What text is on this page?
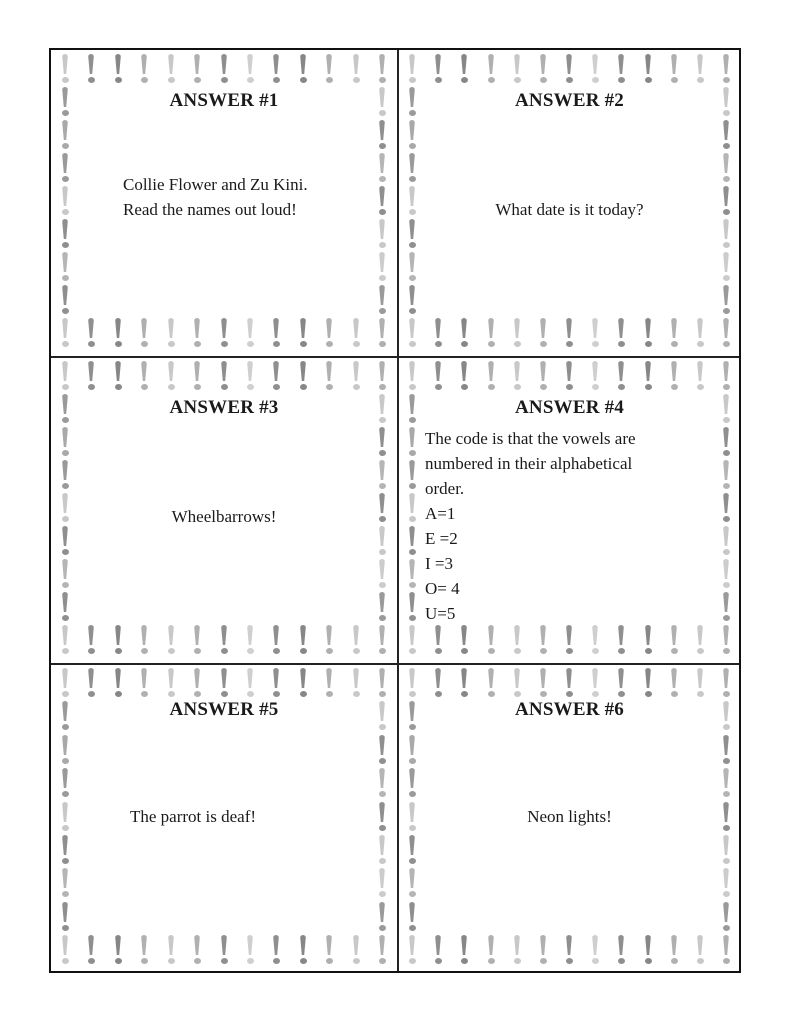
ANSWER #1
Collie Flower and Zu Kini.
Read the names out loud!
ANSWER #2
What date is it today?
ANSWER #3
Wheelbarrows!
ANSWER #4
The code is that the vowels are
numbered in their alphabetical
order.
A=1
E =2
I =3
O= 4
U=5
ANSWER #5
The parrot is deaf!
ANSWER #6
Neon lights!
